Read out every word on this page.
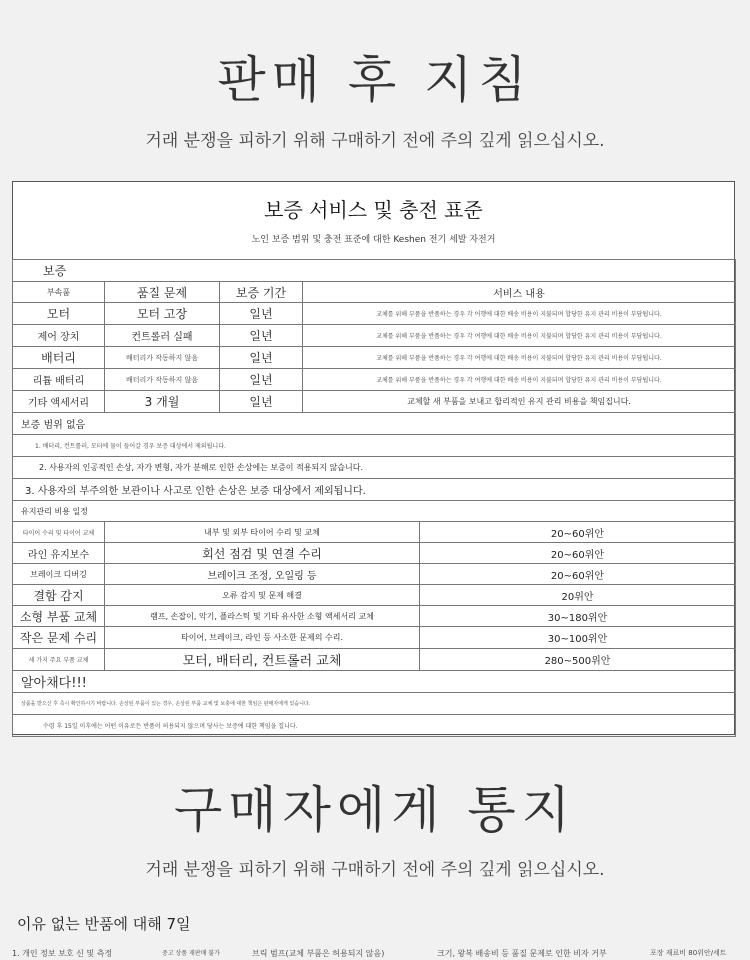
판매 후 지침
거래 분쟁을 피하기 위해 구매하기 전에 주의 깊게 읽으십시오.
보증 서비스 및 충전 표준
노인 보증 범위 및 충전 표준에 대한 Keshen 전기 세발 자전거
보증				
부속품	품질 문제	보증 기간	서비스 내용	
모터	모터 고장	일년	교체를 위해 부품을 반품하는 경우 각 어행에 대한 배송 비용이 지불되며 합당한 유지 관리 비용이 부담됩니다.	
제어 장치	컨트롤러 실패	일년	교체를 위해 부품을 반품하는 경우 각 여행에 대한 배송 비용이 지불되며 합당한 유지 관리 비용이 부담됩니다.	
배터리	배터리가 작동하지 않음	일년	교체를 위해 부품을 반품하는 경우 각 여행에 대한 배송 비용이 지불되며 합당한 유지 관리 비용이 부담됩니다.	
리튬 배터리	배터리가 작동하지 않음	일년	교체를 위해 부품을 반품하는 경우 각 여행에 대한 배송 비용이 지불되며 합당한 유지 관리 비용이 부담됩니다.	
기타 액세서리	3 개월	일년	교체할 새 부품을 보내고 합리적인 유지 관리 비용을 책임집니다.	
보증 범위 없음				
1. 배터리, 컨트롤러, 모터에 물이 들어갈 경우 보증 대상에서 제외됩니다.				
2. 사용자의 인공적인 손상, 자가 변형, 자가 분해로 인한 손상에는 보증이 적용되지 않습니다.				
3. 사용자의 부주의한 보관이나 사고로 인한 손상은 보증 대상에서 제외됩니다.				
유지관리 비용 일정				
타이어 수리 및 타이어 교체	내부 및 외부 타이어 수리 및 교체			20~60위안
라인 유지보수	회선 점검 및 연결 수리			20~60위안
브레이크 디버깅	브레이크 조정, 오일링 등			20~60위안
결함 감지	오류 감지 및 문제 해결			20위안
소형 부품 교체	램프, 손잡이, 악기, 플라스틱 및 기타 유사한 소형 액세서리 교체			30~180위안
작은 문제 수리	타이어, 브레이크, 라인 등 사소한 문제의 수리.			30~100위안
세 가지 주요 부품 교체	모터, 배터리, 컨트롤러 교체			280~500위안
알아채다!!!				
상품을 받으신 후 즉시 확인하시기 바랍니다. 손상된 부품이 있는 경우, 손상된 부품 교체 및 보충에 대한 책임은 판매자에게 있습니다.				
수령 후 15일 이후에는 어떤 이유로든 반품이 허용되지 않으며 당사는 보증에 대한 책임을 집니다.				
구매자에게 통지
거래 분쟁을 피하기 위해 구매하기 전에 주의 깊게 읽으십시오.
이유 없는 반품에 대해 7일
1. 개인 정보 보호 신 및 측정	중고 상품 재판매 불가	브릭 범프(교체 부품은 허용되지 않음)	크기, 왕복 배송비 등 품질 문제로 인한 비자 거부	포장 재료비 80위안/세트
